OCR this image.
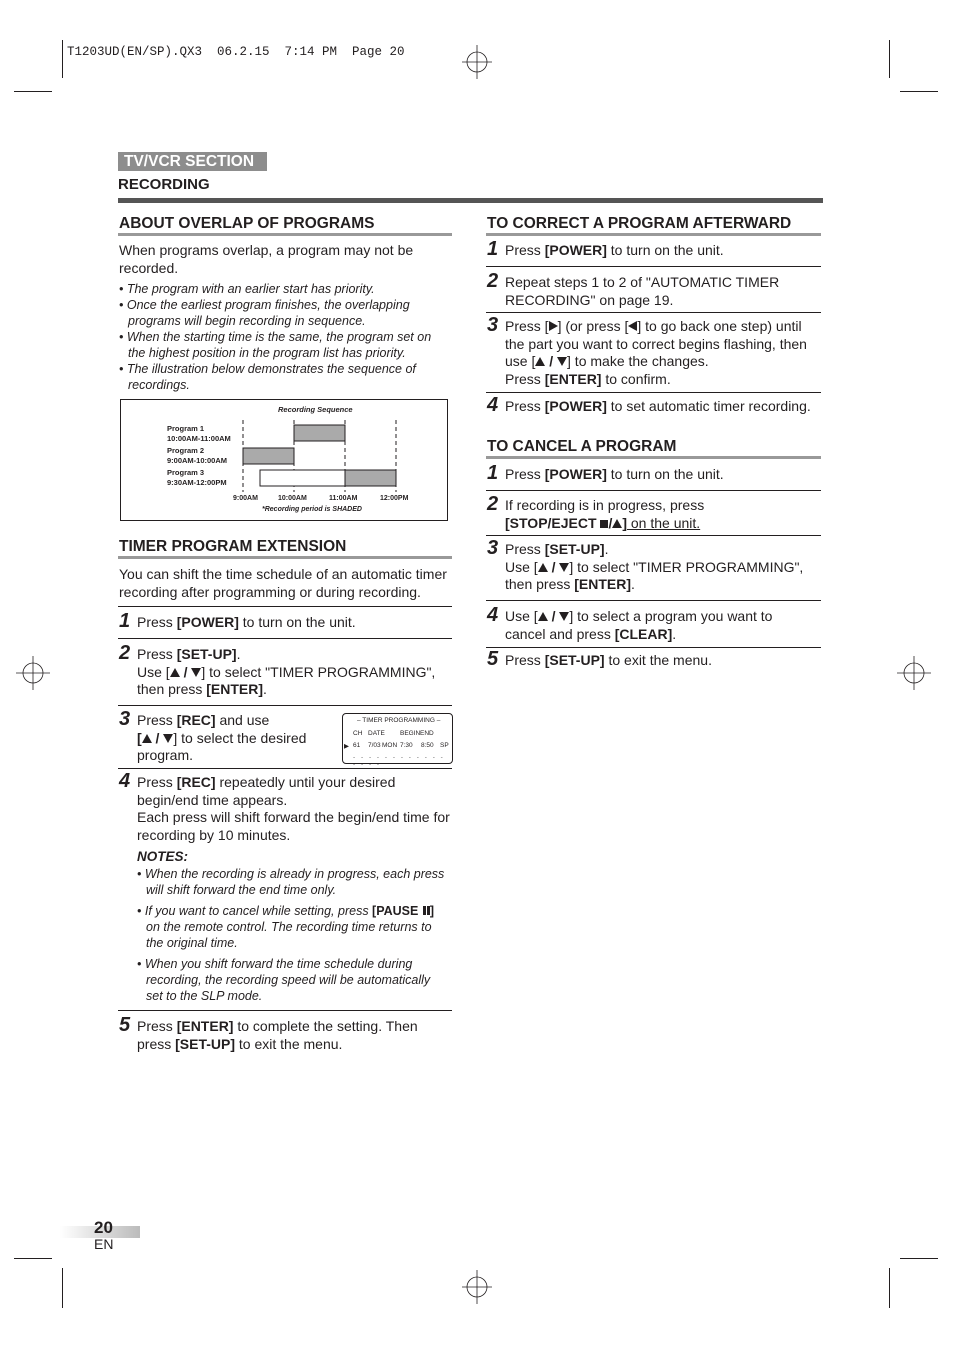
T1203UD(EN/SP).QX3  06.2.15  7:14 PM  Page 20
TV/VCR SECTION
RECORDING
ABOUT OVERLAP OF PROGRAMS
When programs overlap, a program may not be recorded.
• The program with an earlier start has priority.
• Once the earliest program finishes, the overlapping programs will begin recording in sequence.
• When the starting time is the same, the program set on the highest position in the program list has priority.
• The illustration below demonstrates the sequence of recordings.
Recording Sequence
Program 1
10:00AM-11:00AM
Program 2
9:00AM-10:00AM
Program 3
9:30AM-12:00PM
9:00AM	10:00AM	11:00AM	12:00PM
*Recording period is SHADED
TIMER PROGRAM EXTENSION
You can shift the time schedule of an automatic timer recording after programming or during recording.
1 Press [POWER] to turn on the unit.
2 Press [SET-UP].
Use [ / ] to select "TIMER PROGRAMMING",
then press [ENTER].
3 Press [REC] and use
[ / ] to select the desired
program.
– TIMER PROGRAMMING –
CH DATE BEGIN END
▶ 61 7/03 MON 7:30 8:50 SP
- - - - - - - - - - - - - - - -
4 Press [REC] repeatedly until your desired begin/end time appears.
Each press will shift forward the begin/end time for recording by 10 minutes.
NOTES:
• When the recording is already in progress, each press will shift forward the end time only.
• If you want to cancel while setting, press [PAUSE ] on the remote control. The recording time returns to the original time.
• When you shift forward the time schedule during recording, the recording speed will be automatically set to the SLP mode.
5 Press [ENTER] to complete the setting. Then press [SET-UP] to exit the menu.
TO CORRECT A PROGRAM AFTERWARD
1 Press [POWER] to turn on the unit.
2 Repeat steps 1 to 2 of "AUTOMATIC TIMER RECORDING" on page 19.
3 Press [ ] (or press [ ] to go back one step) until the part you want to correct begins flashing, then use [ / ] to make the changes.
Press [ENTER] to confirm.
4 Press [POWER] to set automatic timer recording.
TO CANCEL A PROGRAM
1 Press [POWER] to turn on the unit.
2 If recording is in progress, press
[STOP/EJECT / ] on the unit.
3 Press [SET-UP].
Use [ / ] to select "TIMER PROGRAMMING", then press [ENTER].
4 Use [ / ] to select a program you want to cancel and press [CLEAR].
5 Press [SET-UP] to exit the menu.
20
EN
